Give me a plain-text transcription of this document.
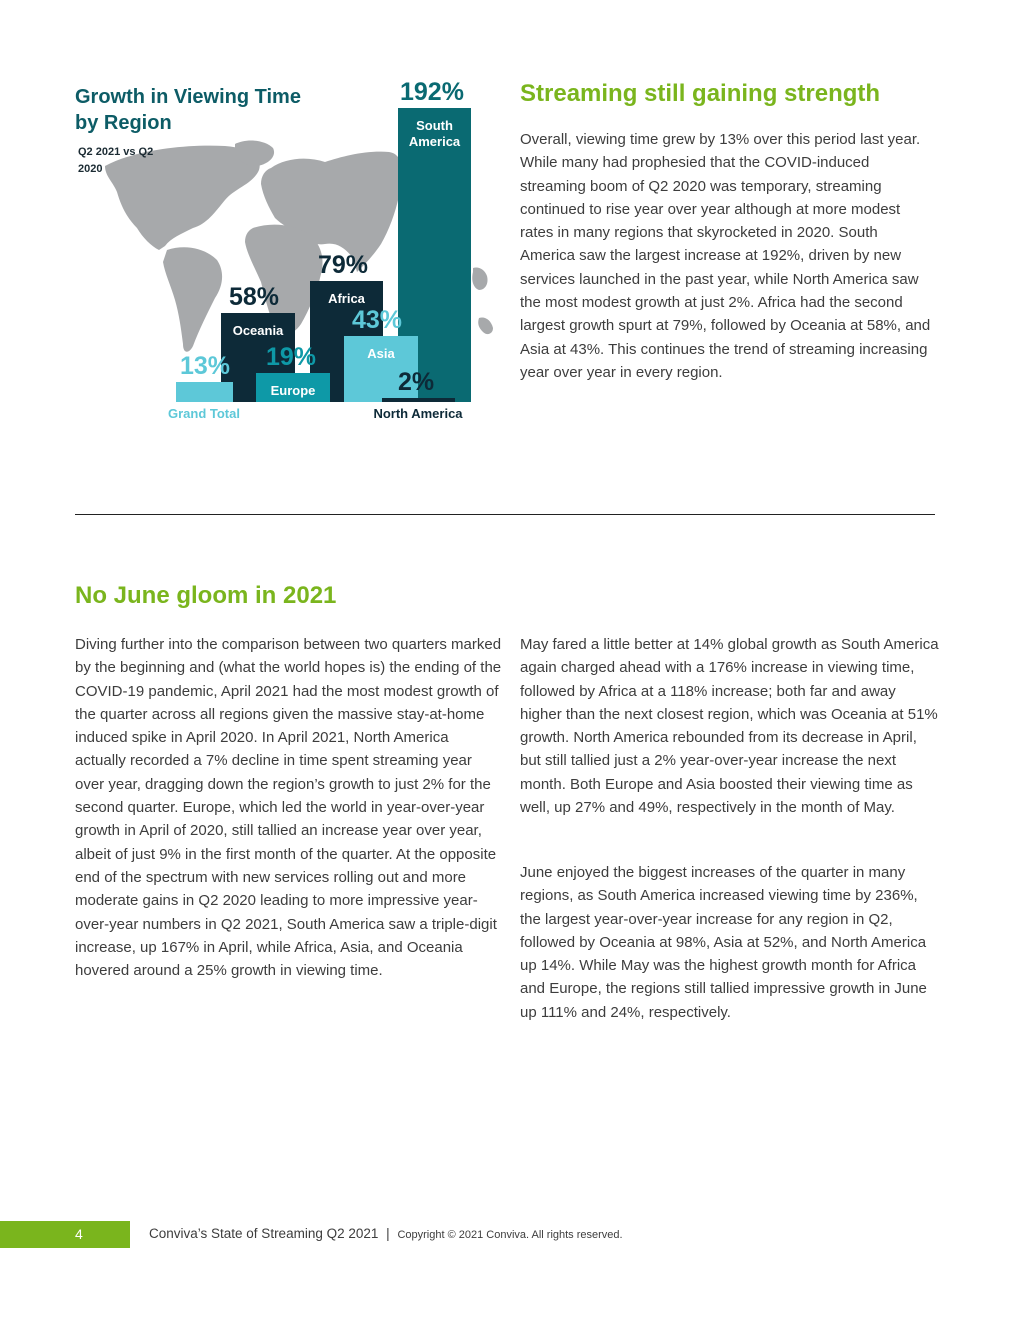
Growth in Viewing Time by Region
Q2 2021 vs Q2 2020
South America
192%
Oceania
58%	Africa
79%
13%
Grand Total
Europe
19%	Asia
43%
2%
North America
Streaming still gaining strength

Overall, viewing time grew by 13% over this period last year. While many had prophesied that the COVID-induced streaming boom of Q2 2020 was temporary, streaming continued to rise year over year although at more modest rates in many regions that skyrocketed in 2020. South America saw the largest increase at 192%, driven by new services launched in the past year, while North America saw the most modest growth at just 2%. Africa had the second largest growth spurt at 79%, followed by Oceania at 58%, and Asia at 43%. This continues the trend of streaming increasing year over year in every region.

No June gloom in 2021

Diving further into the comparison between two quarters marked by the beginning and (what the world hopes is) the ending of the COVID-19 pandemic, April 2021 had the most modest growth of the quarter across all regions given the massive stay-at-home induced spike in April 2020. In April 2021, North America actually recorded a 7% decline in time spent streaming year over year, dragging down the region’s growth to just 2% for the second quarter. Europe, which led the world in year-over-year growth in April of 2020, still tallied an increase year over year, albeit of just 9% in the first month of the quarter. At the opposite end of the spectrum with new services rolling out and more moderate gains in Q2 2020 leading to more impressive year-over-year numbers in Q2 2021, South America saw a triple-digit increase, up 167% in April, while Africa, Asia, and Oceania hovered around a 25% growth in viewing time.

May fared a little better at 14% global growth as South America again charged ahead with a 176% increase in viewing time, followed by Africa at a 118% increase; both far and away higher than the next closest region, which was Oceania at 51% growth. North America rebounded from its decrease in April, but still tallied just a 2% year-over-year increase the next month. Both Europe and Asia boosted their viewing time as well, up 27% and 49%, respectively in the month of May.

June enjoyed the biggest increases of the quarter in many regions, as South America increased viewing time by 236%, the largest year-over-year increase for any region in Q2, followed by Oceania at 98%, Asia at 52%, and North America up 14%. While May was the highest growth month for Africa and Europe, the regions still tallied impressive growth in June up 111% and 24%, respectively.

4	Conviva’s State of Streaming Q2 2021 | Copyright © 2021 Conviva. All rights reserved.
